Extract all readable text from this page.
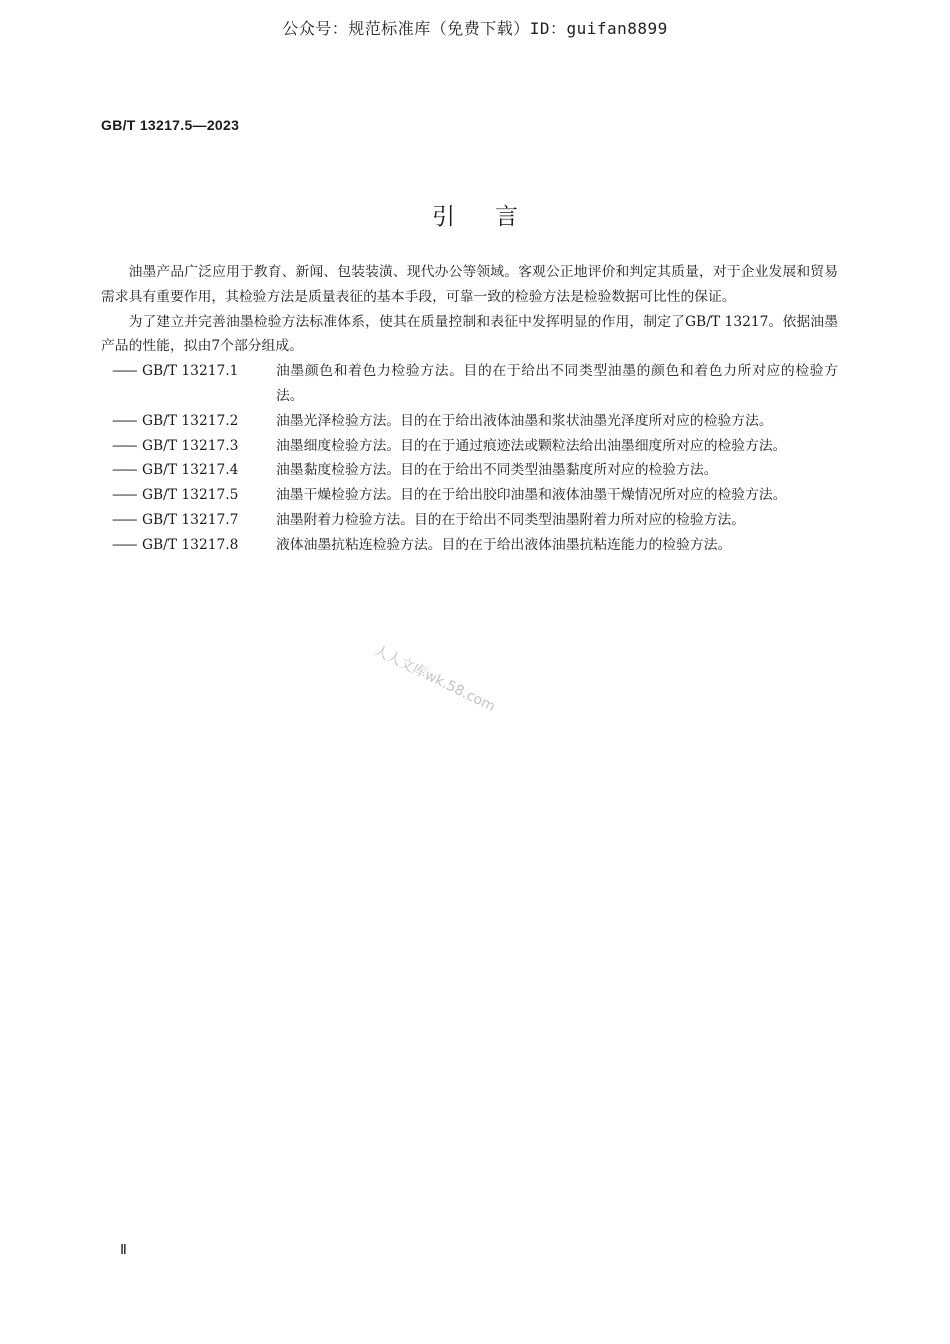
公众号：规范标准库（免费下载）ID：guifan8899
GB/T 13217.5—2023
引言

油墨产品广泛应用于教育、新闻、包装装潢、现代办公等领域。客观公正地评价和判定其质量，对于企业发展和贸易需求具有重要作用，其检验方法是质量表征的基本手段，可靠一致的检验方法是检验数据可比性的保证。

为了建立并完善油墨检验方法标准体系，使其在质量控制和表征中发挥明显的作用，制定了GB/T 13217。依据油墨产品的性能，拟由7个部分组成。

—— GB/T 13217.1	油墨颜色和着色力检验方法。目的在于给出不同类型油墨的颜色和着色力所对应的检验方法。
—— GB/T 13217.2	油墨光泽检验方法。目的在于给出液体油墨和浆状油墨光泽度所对应的检验方法。
—— GB/T 13217.3	油墨细度检验方法。目的在于通过痕迹法或颗粒法给出油墨细度所对应的检验方法。
—— GB/T 13217.4	油墨黏度检验方法。目的在于给出不同类型油墨黏度所对应的检验方法。
—— GB/T 13217.5	油墨干燥检验方法。目的在于给出胶印油墨和液体油墨干燥情况所对应的检验方法。
—— GB/T 13217.7	油墨附着力检验方法。目的在于给出不同类型油墨附着力所对应的检验方法。
—— GB/T 13217.8	液体油墨抗粘连检验方法。目的在于给出液体油墨抗粘连能力的检验方法。
人人文库wk.58.com
Ⅱ
